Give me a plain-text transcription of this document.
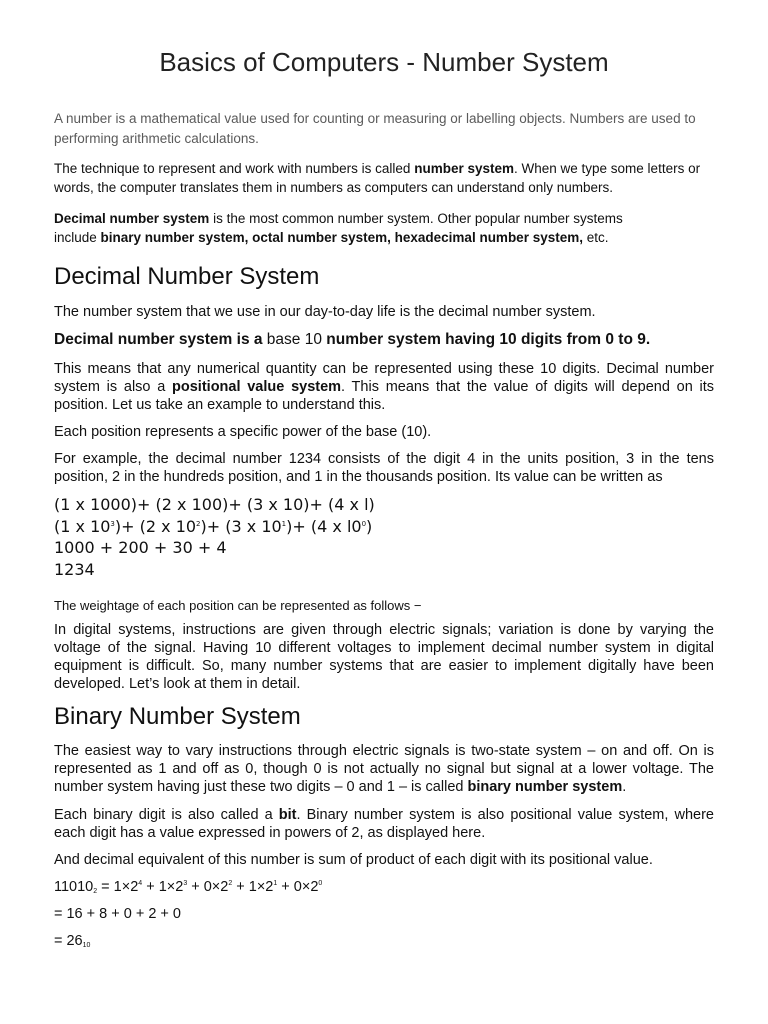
Basics of Computers - Number System

A number is a mathematical value used for counting or measuring or labelling objects. Numbers are used to performing arithmetic calculations.

The technique to represent and work with numbers is called number system. When we type some letters or words, the computer translates them in numbers as computers can understand only numbers.

Decimal number system is the most common number system. Other popular number systems include binary number system, octal number system, hexadecimal number system, etc.

Decimal Number System

The number system that we use in our day-to-day life is the decimal number system.

Decimal number system is a base 10 number system having 10 digits from 0 to 9.

This means that any numerical quantity can be represented using these 10 digits. Decimal number system is also a positional value system. This means that the value of digits will depend on its position. Let us take an example to understand this.

Each position represents a specific power of the base (10).

For example, the decimal number 1234 consists of the digit 4 in the units position, 3 in the tens position, 2 in the hundreds position, and 1 in the thousands position. Its value can be written as

(1 x 1000)+ (2 x 100)+ (3 x 10)+ (4 x l)
(1 x $10^3)+ (2$ x $10^2)+ (3$ x $10^1)+ (4$ x $l0^0$)
1000 + 200 + 30 + 4
1234

The weightage of each position can be represented as follows −

In digital systems, instructions are given through electric signals; variation is done by varying the voltage of the signal. Having 10 different voltages to implement decimal number system in digital equipment is difficult. So, many number systems that are easier to implement digitally have been developed. Let’s look at them in detail.

Binary Number System

The easiest way to vary instructions through electric signals is two-state system – on and off. On is represented as 1 and off as 0, though 0 is not actually no signal but signal at a lower voltage. The number system having just these two digits – 0 and 1 – is called binary number system.

Each binary digit is also called a bit. Binary number system is also positional value system, where each digit has a value expressed in powers of 2, as displayed here.

And decimal equivalent of this number is sum of product of each digit with its positional value.

$11010_2 = 1\times 2^4 + 1\times 2^3 + 0\times 2^2 + 1\times 2^1 + 0\times 2^0$

= 16 + 8 + 0 + 2 + 0

= $26_{10}$
